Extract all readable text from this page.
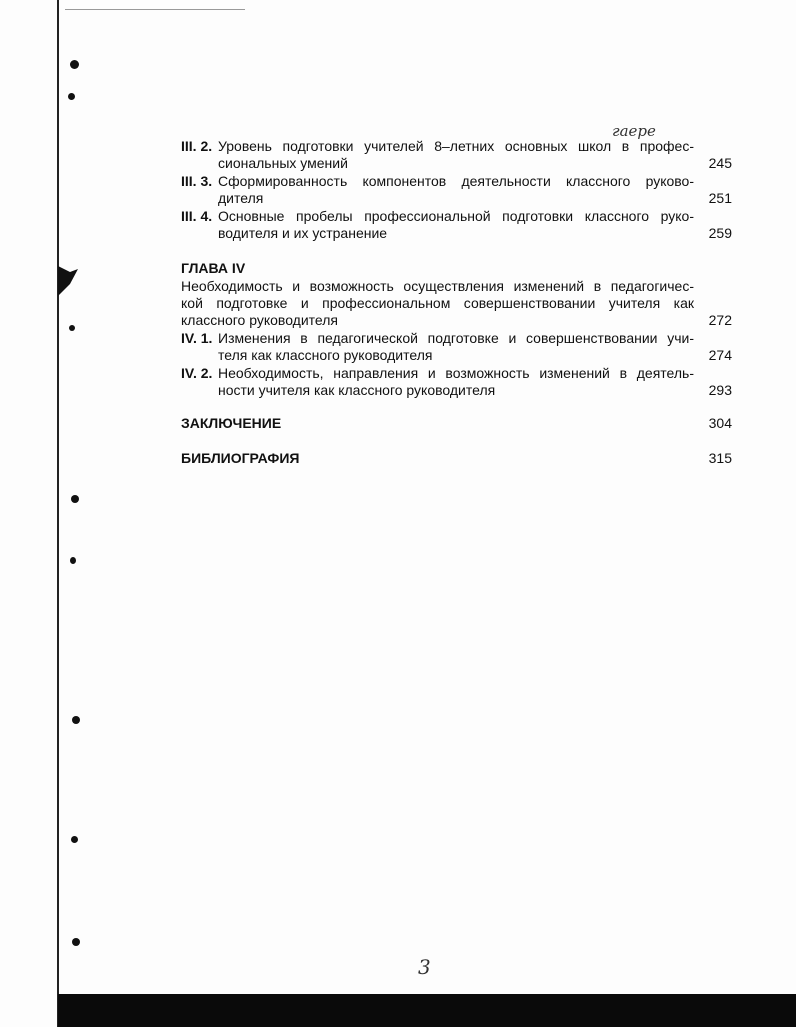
гаере
III. 2. Уровень подготовки учителей 8–летних основных школ в профес-
сиональных умений	245
III. 3. Сформированность компонентов деятельности классного руково-
дителя	251
III. 4. Основные пробелы профессиональной подготовки классного руко-
водителя и их устранение	259
ГЛАВА IV
Необходимость и возможность осуществления изменений в педагогичес-
кой подготовке и профессиональном совершенствовании учителя как
классного руководителя	272
IV. 1. Изменения в педагогической подготовке и совершенствовании учи-
теля как классного руководителя	274
IV. 2. Необходимость, направления и возможность изменений в деятель-
ности учителя как классного руководителя	293
ЗАКЛЮЧЕНИЕ	304
БИБЛИОГРАФИЯ	315
3
